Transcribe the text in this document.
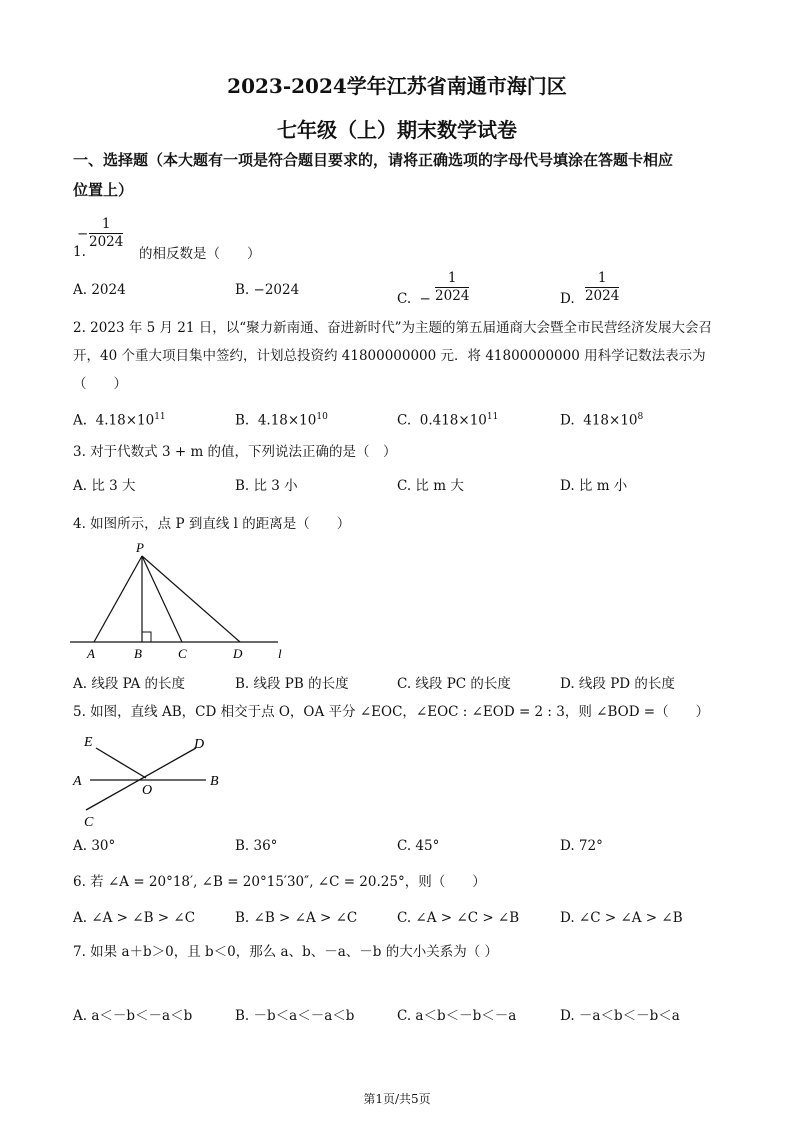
2023-2024学年江苏省南通市海门区
七年级（上）期末数学试卷
一、选择题（本大题有一项是符合题目要求的，请将正确选项的字母代号填涂在答题卡相应
位置上）
−
1
2024
1.	的相反数是（　　）
A. 2024	B. −2024
C. − $\frac{1}{2024}$	D. $\frac{1}{2024}$
2. 2023 年 5 月 21 日，以“聚力新南通、奋进新时代”为主题的第五届通商大会暨全市民营经济发展大会召
开，40 个重大项目集中签约，计划总投资约 41800000000 元．将 41800000000 用科学记数法表示为
（　　）
A. $4.18\times 10^{11}$	B. $4.18\times 10^{10}$	C. $0.418\times 10^{11}$	D. $418\times 10^8$
3. 对于代数式 3 + m 的值，下列说法正确的是（　）
A. 比 3 大	B. 比 3 小	C. 比 m 大	D. 比 m 小
4. 如图所示，点 P 到直线 l 的距离是（　　）
P
A	B	C	D	l
A. 线段 PA 的长度	B. 线段 PB 的长度	C. 线段 PC 的长度	D. 线段 PD 的长度
5. 如图，直线 AB，CD 相交于点 O，OA 平分 ∠EOC，∠EOC : ∠EOD = 2 : 3，则 ∠BOD =（　　）
E	D
A
O
B
C
A. 30°	B. 36°	C. 45°	D. 72°
6. 若 ∠A = 20°18′, ∠B = 20°15′30″, ∠C = 20.25°，则（　　）
A. ∠A > ∠B > ∠C	B. ∠B > ∠A > ∠C	C. ∠A > ∠C > ∠B	D. ∠C > ∠A > ∠B
7. 如果 a＋b＞0，且 b＜0，那么 a、b、－a、－b 的大小关系为（ ）
A. a＜－b＜－a＜b	B. －b＜a＜－a＜b	C. a＜b＜－b＜－a	D. －a＜b＜－b＜a
第1页/共5页
